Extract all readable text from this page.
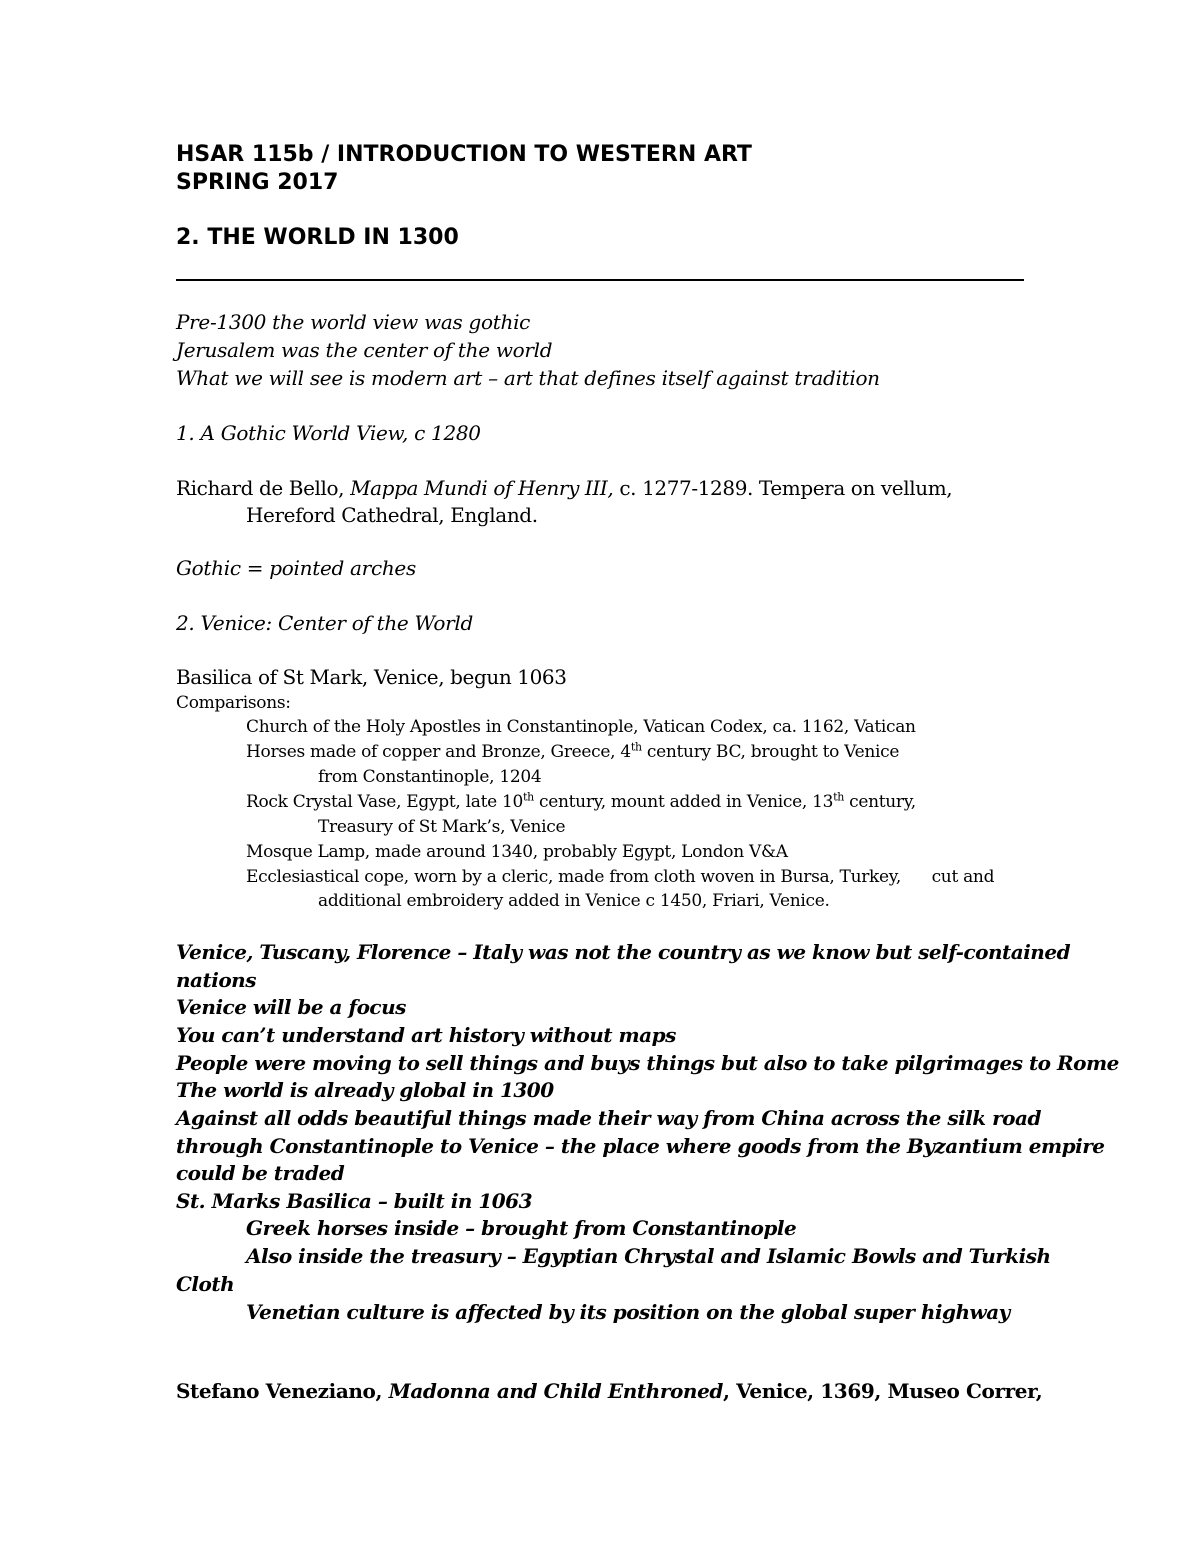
HSAR 115b / INTRODUCTION TO WESTERN ART
SPRING 2017
2. THE WORLD IN 1300
Pre-1300 the world view was gothic
Jerusalem was the center of the world
What we will see is modern art – art that defines itself against tradition
1. A Gothic World View, c 1280
Richard de Bello, Mappa Mundi of Henry III, c. 1277-1289. Tempera on vellum,
Hereford Cathedral, England.
Gothic = pointed arches
2. Venice: Center of the World
Basilica of St Mark, Venice, begun 1063
Comparisons:
Church of the Holy Apostles in Constantinople, Vatican Codex, ca. 1162, Vatican
Horses made of copper and Bronze, Greece, 4th century BC, brought to Venice
from Constantinople, 1204
Rock Crystal Vase, Egypt, late 10th century, mount added in Venice, 13th century,
Treasury of St Mark’s, Venice
Mosque Lamp, made around 1340, probably Egypt, London V&A
Ecclesiastical cope, worn by a cleric, made from cloth woven in Bursa, Turkey,      cut and
additional embroidery added in Venice c 1450, Friari, Venice.
Venice, Tuscany, Florence – Italy was not the country as we know but self-contained
nations
Venice will be a focus
You can’t understand art history without maps
People were moving to sell things and buys things but also to take pilgrimages to Rome
The world is already global in 1300
Against all odds beautiful things made their way from China across the silk road
through Constantinople to Venice – the place where goods from the Byzantium empire
could be traded
St. Marks Basilica – built in 1063
Greek horses inside – brought from Constantinople
Also inside the treasury – Egyptian Chrystal and Islamic Bowls and Turkish
Cloth
Venetian culture is affected by its position on the global super highway
Stefano Veneziano, Madonna and Child Enthroned, Venice, 1369, Museo Correr,
